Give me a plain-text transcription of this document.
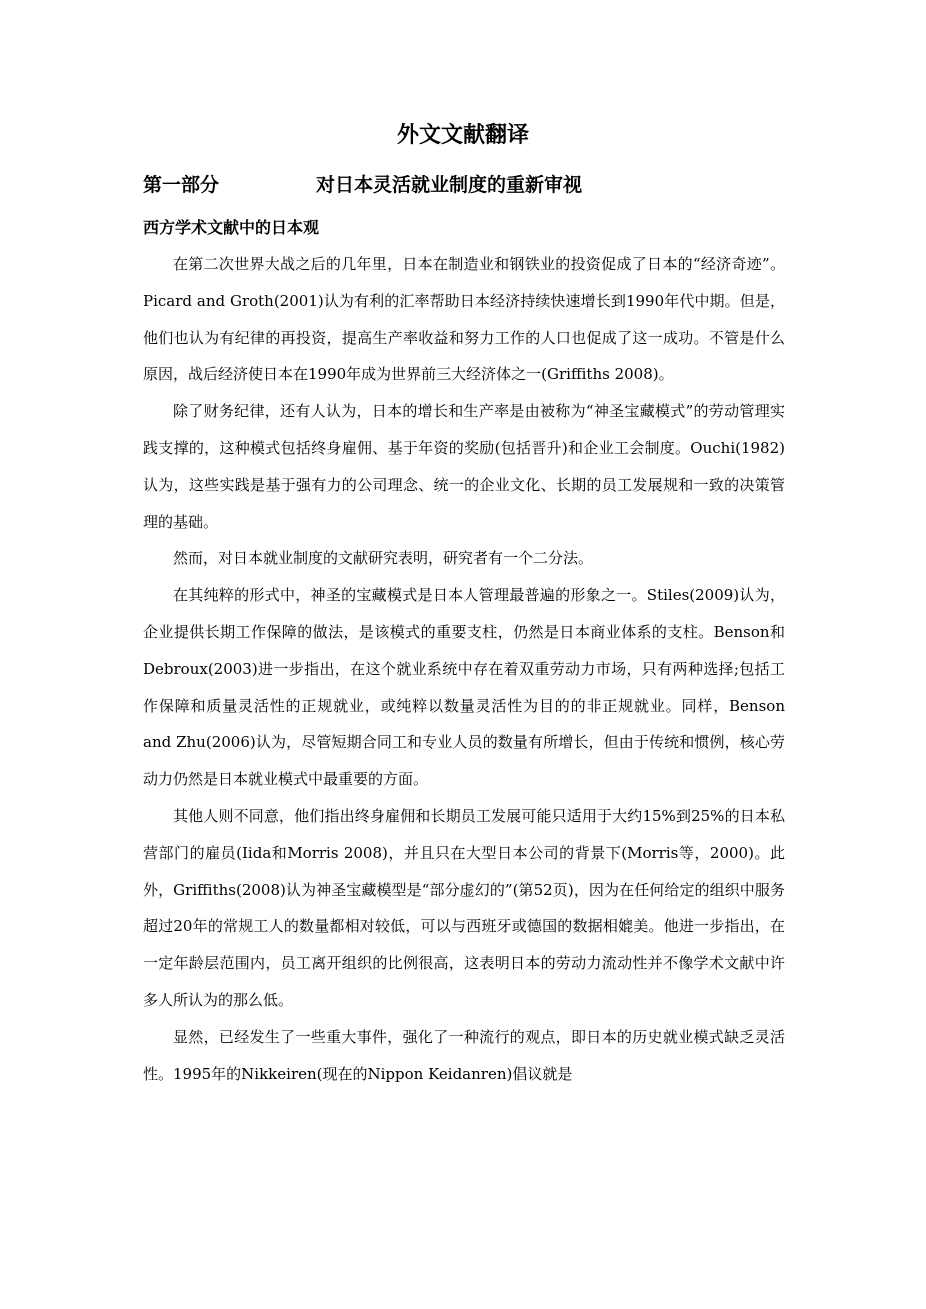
外文文献翻译
第一部分	对日本灵活就业制度的重新审视
西方学术文献中的日本观

在第二次世界大战之后的几年里，日本在制造业和钢铁业的投资促成了日本的“经济奇迹”。Picard and Groth(2001)认为有利的汇率帮助日本经济持续快速增长到1990年代中期。但是，他们也认为有纪律的再投资，提高生产率收益和努力工作的人口也促成了这一成功。不管是什么原因，战后经济使日本在1990年成为世界前三大经济体之一(Griffiths 2008)。

除了财务纪律，还有人认为，日本的增长和生产率是由被称为“神圣宝藏模式”的劳动管理实践支撑的，这种模式包括终身雇佣、基于年资的奖励(包括晋升)和企业工会制度。Ouchi(1982)认为，这些实践是基于强有力的公司理念、统一的企业文化、长期的员工发展规和一致的决策管理的基础。

然而，对日本就业制度的文献研究表明，研究者有一个二分法。

在其纯粹的形式中，神圣的宝藏模式是日本人管理最普遍的形象之一。Stiles(2009)认为，企业提供长期工作保障的做法，是该模式的重要支柱，仍然是日本商业体系的支柱。Benson和Debroux(2003)进一步指出，在这个就业系统中存在着双重劳动力市场，只有两种选择;包括工作保障和质量灵活性的正规就业，或纯粹以数量灵活性为目的的非正规就业。同样，Benson and Zhu(2006)认为，尽管短期合同工和专业人员的数量有所增长，但由于传统和惯例，核心劳动力仍然是日本就业模式中最重要的方面。

其他人则不同意，他们指出终身雇佣和长期员工发展可能只适用于大约15%到25%的日本私营部门的雇员(Iida和Morris 2008)，并且只在大型日本公司的背景下(Morris等，2000)。此外，Griffiths(2008)认为神圣宝藏模型是“部分虚幻的”(第52页)，因为在任何给定的组织中服务超过20年的常规工人的数量都相对较低，可以与西班牙或德国的数据相媲美。他进一步指出，在一定年龄层范围内，员工离开组织的比例很高，这表明日本的劳动力流动性并不像学术文献中许多人所认为的那么低。

显然，已经发生了一些重大事件，强化了一种流行的观点，即日本的历史就业模式缺乏灵活性。1995年的Nikkeiren(现在的Nippon Keidanren)倡议就是
